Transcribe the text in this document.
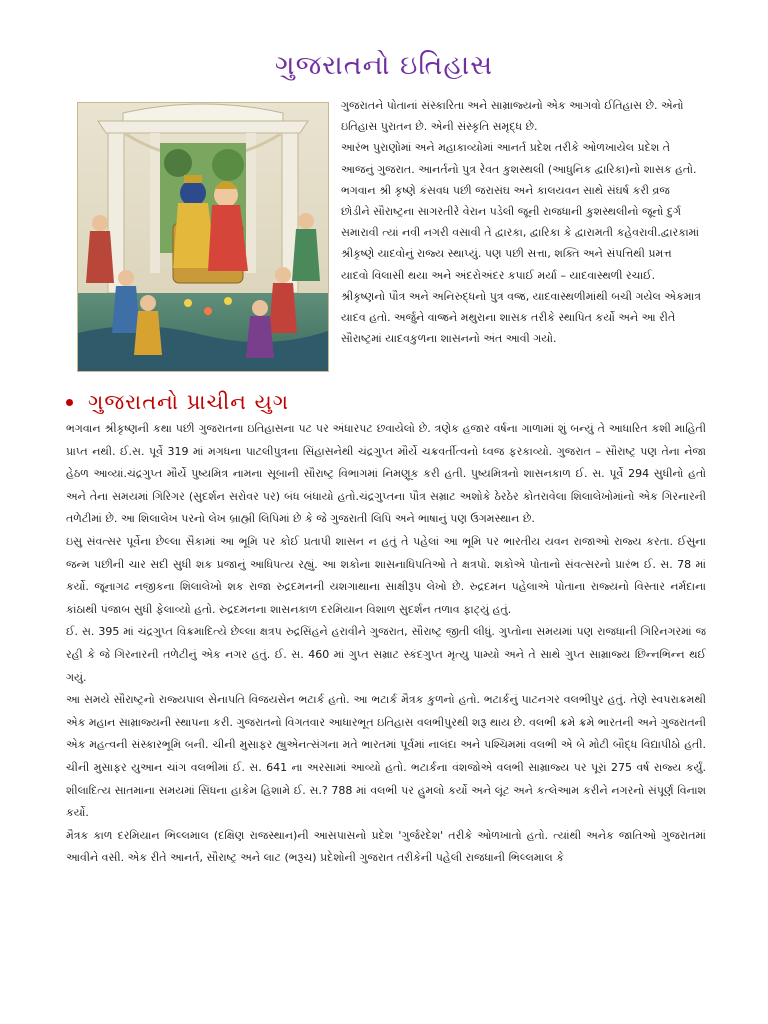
ગુજરાતનો ઇતિહાસ

ગુજરાતને પોતાનાં સંસ્કારિતા અને સામ્રાજ્યનો એક આગવો ઈતિહાસ છે. એનો ઇતિહાસ પુરાતન છે. એની સંસ્કૃતિ સમૃદ્ધ છે.

આરંભ પુરાણોમાં અને મહાકાવ્યોમાં આનર્ત પ્રદેશ તરીકે ઓળખાયેલ પ્રદેશ તે આજનું ગુજરાત. આનર્તનો પુત્ર રેવત કુશસ્થલી (આધુનિક દ્વારિકા)નો શાસક હતો. ભગવાન શ્રી કૃષ્ણે કંસવધ પછી જરાસંઘ અને કાલયવન સાથે સંઘર્ષ કરી વ્રજ છોડીને સૌરાષ્ટ્રના સાગરતીરે વેરાન પડેલી જૂની રાજધાની કુશસ્થલીનો જૂનો દુર્ગ સમારાવી ત્યાં નવી નગરી વસાવી તે દ્વારકા, દ્વારિકા કે દ્વારામતી કહેવરાવી.દ્વારકામાં શ્રીકૃષ્ણે યાદવોનું રાજ્ય સ્થાપ્યું. પણ પછી સત્તા, શક્તિ અને સંપત્તિથી પ્રમત્ત યાદવો વિલાસી થયા અને અંદરોઅંદર કપાઈ મર્યા – યાદવાસ્થળી રચાઈ. શ્રીકૃષ્ણનો પૌત્ર અને અનિરુદ્ધનો પુત્ર વજ્ર, યાદવાસ્થળીમાંથી બચી ગયેલ એકમાત્ર યાદવ હતો. અર્જુને વાજ્રને મથુરાના શાસક તરીકે સ્થાપિત કર્યો અને આ રીતે સૌરાષ્ટ્રમાં યાદવકુળના શાસનનો અંત આવી ગયો.

ગુજરાતનો પ્રાચીન યુગ

ભગવાન શ્રીકૃષ્ણની કથા પછી ગુજરાતના ઇતિહાસના પટ પર અંધારપટ છવાયેલો છે. ત્રણેક હજાર વર્ષના ગાળામાં શું બન્યું તે આધારિત કશી માહિતી પ્રાપ્ત નથી. ઈ.સ. પૂર્વે 319 માં મગધના પાટલીપુત્રના સિંહાસનેથી ચંદ્રગુપ્ત મૌર્યે ચક્રવર્તીત્વનો ધ્વજ ફરકાવ્યો. ગુજરાત – સૌરાષ્ટ્ર પણ તેના નેજા હેઠળ આવ્યાં.ચંદ્રગુપ્ત મૌર્યે પુષ્યમિત્ર નામના સૂબાની સૌરાષ્ટ્ર વિભાગમાં નિમણૂક કરી હતી. પુષ્યમિત્રનો શાસનકાળ ઈ. સ. પૂર્વે 294 સુધીનો હતો અને તેના સમયમાં ગિરિગર (સુદર્શન સરોવર પર) બંધ બંધાયો હતો.ચંદ્રગુપ્તના પૌત્ર સમ્રાટ અશોકે ઠેરઠેર કોતરાવેલા શિલાલેખોમાંનો એક ગિરનારની તળેટીમાં છે. આ શિલાલેખ પરનો લેખ બ્રાહ્મી લિપિમાં છે કે જે ગુજરાતી લિપિ અને ભાષાનું પણ ઉગમસ્થાન છે.

ઇસુ સંવત્સર પૂર્વેના છેલ્લા સૈકામાં આ ભૂમિ પર કોઈ પ્રતાપી શાસન ન હતું તે પહેલાં આ ભૂમિ પર ભારતીય યવન રાજાઓ રાજ્ય કરતા. ઈસુના જન્મ પછીની ચાર સદી સુધી શક પ્રજાનું આધિપત્ય રહ્યું. આ શકોના શાસનાધિપતિઓ તે ક્ષત્રપો. શકોએ પોતાનો સંવત્સરનો પ્રારંભ ઈ. સ. 78 માં કર્યો. જૂનાગઢ નજીકના શિલાલેખો શક રાજા રુદ્રદમનની યશગાથાના સાક્ષીરૂપ લેખો છે. રુદ્રદમન પહેલાએ પોતાના રાજ્યનો વિસ્તાર નર્મદાના કાંઠાથી પંજાબ સુધી ફેલાવ્યો હતો. રુદ્રદમનના શાસનકાળ દરમિયાન વિશાળ સુદર્શન તળાવ ફાટ્યું હતું.

ઈ. સ. 395 માં ચંદ્રગુપ્ત વિક્રમાદિત્યે છેલ્લા ક્ષત્રપ રુદ્રસિંહને હરાવીને ગુજરાત, સૌરાષ્ટ્ર જીતી લીધું. ગુપ્તોના સમયમાં પણ રાજધાની ગિરિનગરમાં જ રહી કે જે ગિરનારની તળેટીનું એક નગર હતું. ઈ. સ. 460 માં ગુપ્ત સમ્રાટ સ્કંદગુપ્ત મૃત્યુ પામ્યો અને તે સાથે ગુપ્ત સામ્રાજ્ય છિન્નભિન્ન થઈ ગયું.

આ સમયે સૌરાષ્ટ્રનો રાજ્યપાલ સેનાપતિ વિજયસેન ભટાર્ક હતો. આ ભટાર્ક મૈત્રક કુળનો હતો. ભટાર્કનું પાટનગર વલભીપુર હતું. તેણે સ્વપરાક્રમથી એક મહાન સામ્રાજ્યની સ્થાપના કરી. ગુજરાતનો વિગતવાર આધારભૂત ઇતિહાસ વલભીપુરથી શરૂ થાય છે. વલભી ક્રમે ક્રમે ભારતની અને ગુજરાતની એક મહત્વની સંસ્કારભૂમિ બની. ચીની મુસાફર હ્યુએનત્સંગના મતે ભારતમાં પૂર્વમાં નાલંદા અને પશ્ચિમમાં વલભી એ બે મોટી બૌદ્ધ વિદ્યાપીઠો હતી. ચીની મુસાફર યુઆન ચાંગ વલભીમાં ઈ. સ. 641 ના અરસામાં આવ્યો હતો. ભટાર્કના વંશજોએ વલભી સામ્રાજ્ય પર પૂરાં 275 વર્ષ રાજ્ય કર્યું. શીલાદિત્ય સાતમાના સમયમાં સિંધના હાકેમ હિશામે ઈ. સ.? 788 માં વલભી પર હુમલો કર્યો અને લૂંટ અને કત્લેઆમ કરીને નગરનો સંપૂર્ણ વિનાશ કર્યો.

મૈત્રક કાળ દરમિયાન ભિલ્લમાલ (દક્ષિણ રાજસ્થાન)ની આસપાસનો પ્રદેશ 'ગુર્જરદેશ' તરીકે ઓળખાતો હતો. ત્યાંથી અનેક જાતિઓ ગુજરાતમાં આવીને વસી. એક રીતે આનર્ત, સૌરાષ્ટ્ર અને લાટ (ભરૂચ) પ્રદેશોની ગુજરાત તરીકેની પહેલી રાજધાની ભિલ્લમાલ કે
